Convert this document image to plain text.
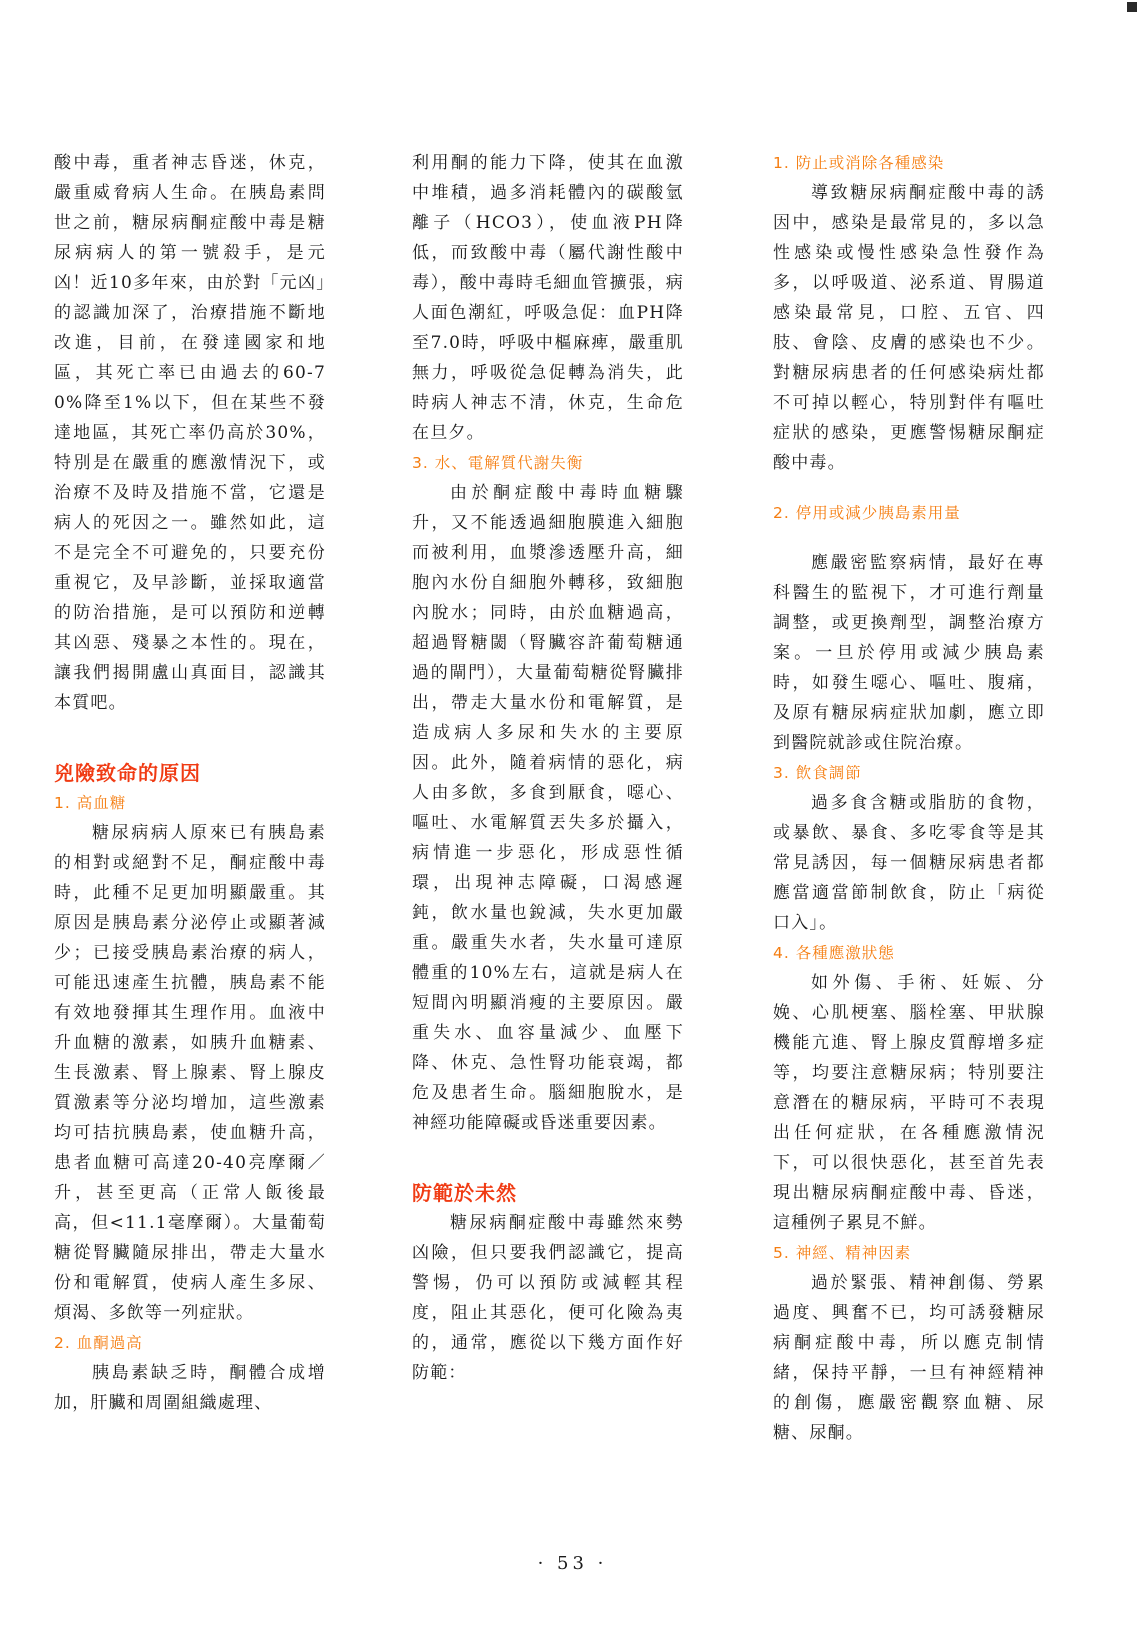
酸中毒，重者神志昏迷，休克，嚴重威脅病人生命。在胰島素問世之前，糖尿病酮症酸中毒是糖尿病病人的第一號殺手，是元凶！近10多年來，由於對「元凶」的認識加深了，治療措施不斷地改進，目前，在發達國家和地區，其死亡率已由過去的60-70%降至1%以下，但在某些不發達地區，其死亡率仍高於30%，特別是在嚴重的應激情況下，或治療不及時及措施不當，它還是病人的死因之一。雖然如此，這不是完全不可避免的，只要充份重視它，及早診斷，並採取適當的防治措施，是可以預防和逆轉其凶惡、殘暴之本性的。現在，讓我們揭開盧山真面目，認識其本質吧。

兇險致命的原因
1. 高血糖

糖尿病病人原來已有胰島素的相對或絕對不足，酮症酸中毒時，此種不足更加明顯嚴重。其原因是胰島素分泌停止或顯著減少；已接受胰島素治療的病人，可能迅速產生抗體，胰島素不能有效地發揮其生理作用。血液中升血糖的激素，如胰升血糖素、生長激素、腎上腺素、腎上腺皮質激素等分泌均增加，這些激素均可拮抗胰島素，使血糖升高，患者血糖可高達20-40亮摩爾／升，甚至更高（正常人飯後最高，但<11.1毫摩爾）。大量葡萄糖從腎臟隨尿排出，帶走大量水份和電解質，使病人產生多尿、煩渴、多飲等一列症狀。

2. 血酮過高

胰島素缺乏時，酮體合成增加，肝臟和周圍組織處理、

利用酮的能力下降，使其在血激中堆積，過多消耗體內的碳酸氫離子（HCO3），使血液PH降低，而致酸中毒（屬代謝性酸中毒），酸中毒時毛細血管擴張，病人面色潮紅，呼吸急促：血PH降至7.0時，呼吸中樞麻痺，嚴重肌無力，呼吸從急促轉為消失，此時病人神志不清，休克，生命危在旦夕。

3. 水、電解質代謝失衡

由於酮症酸中毒時血糖驟升，又不能透過細胞膜進入細胞而被利用，血漿滲透壓升高，細胞內水份自細胞外轉移，致細胞內脫水；同時，由於血糖過高，超過腎糖閾（腎臟容許葡萄糖通過的閘門），大量葡萄糖從腎臟排出，帶走大量水份和電解質，是造成病人多尿和失水的主要原因。此外，隨着病情的惡化，病人由多飲，多食到厭食，噁心、嘔吐、水電解質丟失多於攝入，病情進一步惡化，形成惡性循環，出現神志障礙，口渴感遲鈍，飲水量也銳減，失水更加嚴重。嚴重失水者，失水量可達原體重的10%左右，這就是病人在短間內明顯消瘦的主要原因。嚴重失水、血容量減少、血壓下降、休克、急性腎功能衰竭，都危及患者生命。腦細胞脫水，是神經功能障礙或昏迷重要因素。

防範於未然

糖尿病酮症酸中毒雖然來勢凶險，但只要我們認識它，提高警惕，仍可以預防或減輕其程度，阻止其惡化，便可化險為夷的，通常，應從以下幾方面作好防範：

1. 防止或消除各種感染

導致糖尿病酮症酸中毒的誘因中，感染是最常見的，多以急性感染或慢性感染急性發作為多，以呼吸道、泌系道、胃腸道感染最常見，口腔、五官、四肢、會陰、皮膚的感染也不少。對糖尿病患者的任何感染病灶都不可掉以輕心，特別對伴有嘔吐症狀的感染，更應警惕糖尿酮症酸中毒。

2. 停用或減少胰島素用量

應嚴密監察病情，最好在專科醫生的監視下，才可進行劑量調整，或更換劑型，調整治療方案。一旦於停用或減少胰島素時，如發生噁心、嘔吐、腹痛，及原有糖尿病症狀加劇，應立即到醫院就診或住院治療。

3. 飲食調節

過多食含糖或脂肪的食物，或暴飲、暴食、多吃零食等是其常見誘因，每一個糖尿病患者都應當適當節制飲食，防止「病從口入」。

4. 各種應激狀態

如外傷、手術、妊娠、分娩、心肌梗塞、腦栓塞、甲狀腺機能亢進、腎上腺皮質醇增多症等，均要注意糖尿病；特別要注意潛在的糖尿病，平時可不表現出任何症狀，在各種應激情況下，可以很快惡化，甚至首先表現出糖尿病酮症酸中毒、昏迷，這種例子累見不鮮。

5. 神經、精神因素

過於緊張、精神創傷、勞累過度、興奮不已，均可誘發糖尿病酮症酸中毒，所以應克制情緒，保持平靜，一旦有神經精神的創傷，應嚴密觀察血糖、尿糖、尿酮。

· 53 ·
